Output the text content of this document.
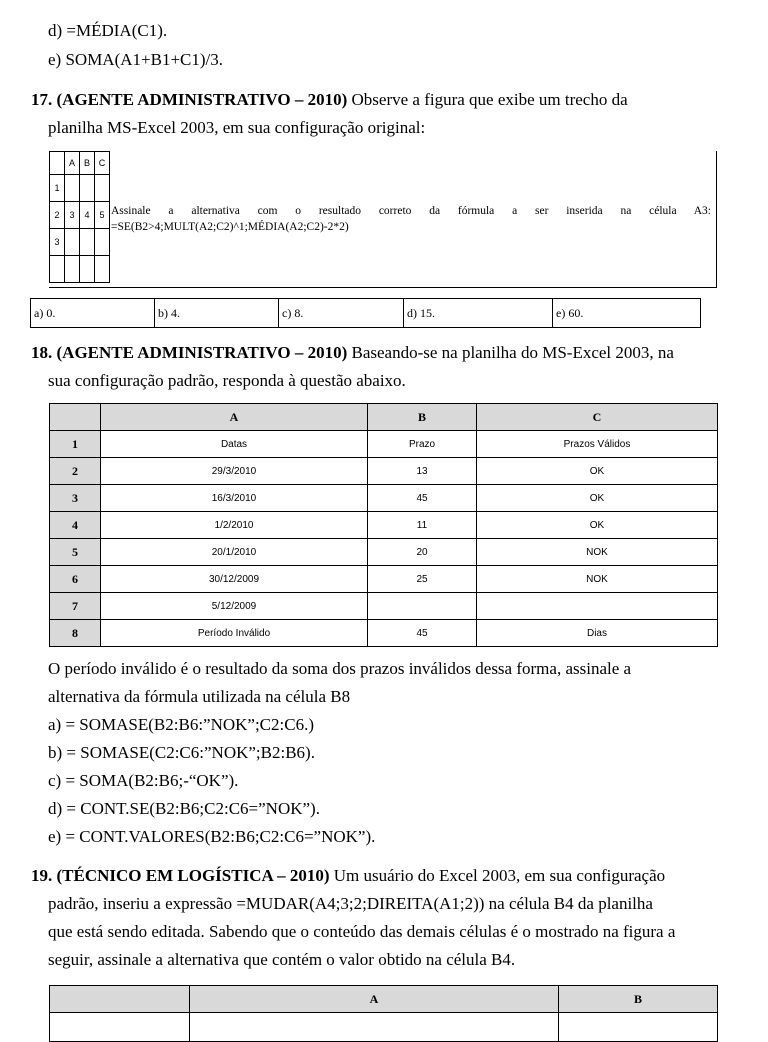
d) =MÉDIA(C1).
e) SOMA(A1+B1+C1)/3.
17. (AGENTE ADMINISTRATIVO – 2010) Observe a figura que exibe um trecho da
planilha MS-Excel 2003, em sua configuração original:
	A	B	C
1			
2	3	4	5
3			

Assinale a alternativa com o resultado correto da fórmula a ser inserida na célula A3:
=SE(B2>4;MULT(A2;C2)^1;MÉDIA(A2;C2)-2*2)
a) 0.	b) 4.	c) 8.	d) 15.	e) 60.
18. (AGENTE ADMINISTRATIVO – 2010) Baseando-se na planilha do MS-Excel 2003, na
sua configuração padrão, responda à questão abaixo.
	A	B	C
1	Datas	Prazo	Prazos Válidos
2	29/3/2010	13	OK
3	16/3/2010	45	OK
4	1/2/2010	11	OK
5	20/1/2010	20	NOK
6	30/12/2009	25	NOK
7	5/12/2009		
8	Período Inválido	45	Dias
O período inválido é o resultado da soma dos prazos inválidos dessa forma, assinale a
alternativa da fórmula utilizada na célula B8
a) = SOMASE(B2:B6:”NOK”;C2:C6.)
b) = SOMASE(C2:C6:”NOK”;B2:B6).
c) = SOMA(B2:B6;-“OK”).
d) = CONT.SE(B2:B6;C2:C6=”NOK”).
e) = CONT.VALORES(B2:B6;C2:C6=”NOK”).
19. (TÉCNICO EM LOGÍSTICA – 2010) Um usuário do Excel 2003, em sua configuração
padrão, inseriu a expressão =MUDAR(A4;3;2;DIREITA(A1;2)) na célula B4 da planilha
que está sendo editada. Sabendo que o conteúdo das demais células é o mostrado na figura a
seguir, assinale a alternativa que contém o valor obtido na célula B4.
	A	B
